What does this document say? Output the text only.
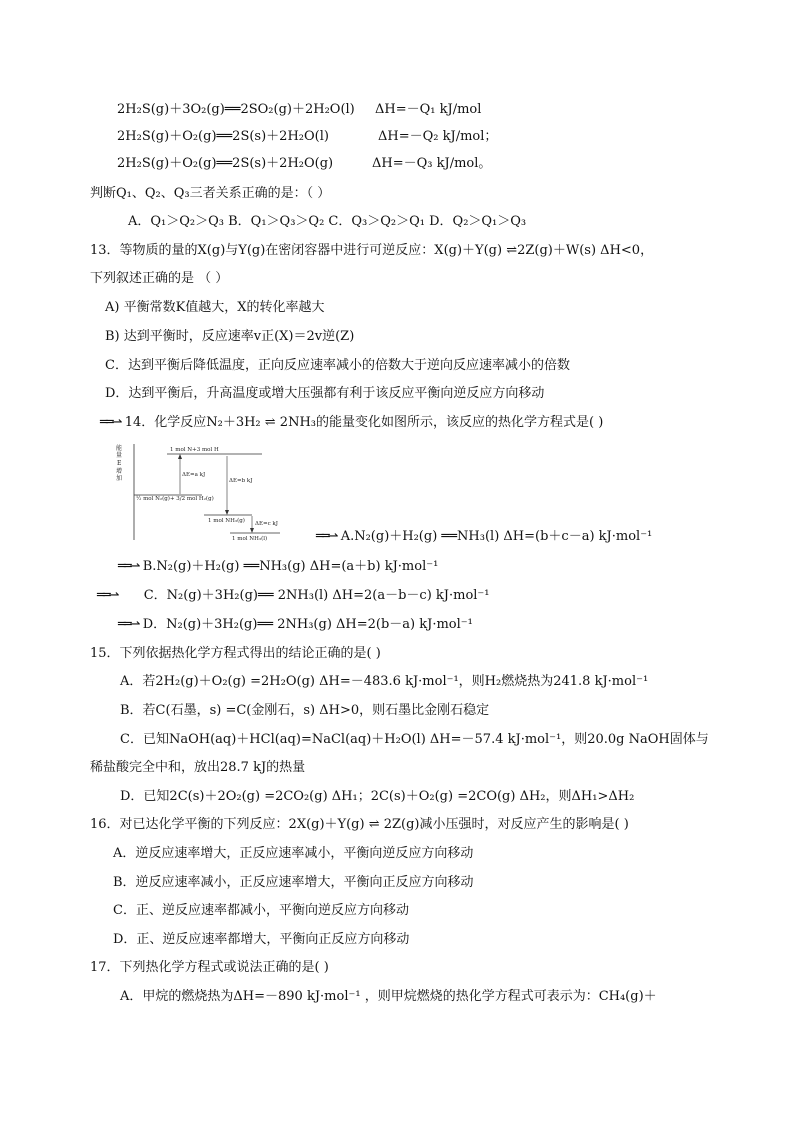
2H₂S(g)＋3O₂(g)══2SO₂(g)＋2H₂O(l) ΔH=－Q₁ kJ/mol
2H₂S(g)＋O₂(g)══2S(s)＋2H₂O(l)	ΔH=－Q₂ kJ/mol；
2H₂S(g)＋O₂(g)══2S(s)＋2H₂O(g)	ΔH=－Q₃ kJ/mol。
判断Q₁、Q₂、Q₃三者关系正确的是：（ ）
A．Q₁＞Q₂＞Q₃ B．Q₁＞Q₃＞Q₂ C．Q₃＞Q₂＞Q₁ D．Q₂＞Q₁＞Q₃
13．等物质的量的X(g)与Y(g)在密闭容器中进行可逆反应：X(g)＋Y(g) ⇌2Z(g)＋W(s) ΔH<0，
下列叙述正确的是 （ ）
A) 平衡常数K值越大，X的转化率越大
B) 达到平衡时，反应速率v正(X)＝2v逆(Z)
C．达到平衡后降低温度，正向反应速率减小的倍数大于逆向反应速率减小的倍数
D．达到平衡后，升高温度或增大压强都有利于该反应平衡向逆反应方向移动
══⇀ 14．化学反应N₂＋3H₂ ⇌ 2NH₃的能量变化如图所示，该反应的热化学方程式是( )
能
量
E
增
加
1 mol N+3 mol H
½ mol N₂(g)+ 3/2 mol H₂(g)
ΔE=a kJ
ΔE=b kJ
1 mol NH₃(g) ΔE=c kJ
1 mol NH₃(l)	══⇀ A.N₂(g)＋H₂(g) ══NH₃(l) ΔH=(b＋c－a) kJ·mol⁻¹
══⇀ B.N₂(g)＋H₂(g) ══NH₃(g) ΔH=(a＋b) kJ·mol⁻¹
══⇀ C．N₂(g)＋3H₂(g)══ 2NH₃(l) ΔH=2(a－b－c) kJ·mol⁻¹
══⇀ D．N₂(g)＋3H₂(g)══ 2NH₃(g) ΔH=2(b－a) kJ·mol⁻¹
15．下列依据热化学方程式得出的结论正确的是( )
A．若2H₂(g)＋O₂(g) =2H₂O(g) ΔH=－483.6 kJ·mol⁻¹，则H₂燃烧热为241.8 kJ·mol⁻¹
B．若C(石墨，s) =C(金刚石，s) ΔH>0，则石墨比金刚石稳定
C．已知NaOH(aq)＋HCl(aq)=NaCl(aq)＋H₂O(l) ΔH=－57.4 kJ·mol⁻¹，则20.0g NaOH固体与
稀盐酸完全中和，放出28.7 kJ的热量
D．已知2C(s)＋2O₂(g) =2CO₂(g) ΔH₁；2C(s)＋O₂(g) =2CO(g) ΔH₂，则ΔH₁>ΔH₂
16．对已达化学平衡的下列反应：2X(g)＋Y(g) ⇌ 2Z(g)减小压强时，对反应产生的影响是( )
A．逆反应速率增大，正反应速率减小，平衡向逆反应方向移动
B．逆反应速率减小，正反应速率增大，平衡向正反应方向移动
C．正、逆反应速率都减小，平衡向逆反应方向移动
D．正、逆反应速率都增大，平衡向正反应方向移动
17．下列热化学方程式或说法正确的是( )
A．甲烷的燃烧热为ΔH=－890 kJ·mol⁻¹ ，则甲烷燃烧的热化学方程式可表示为：CH₄(g)＋
